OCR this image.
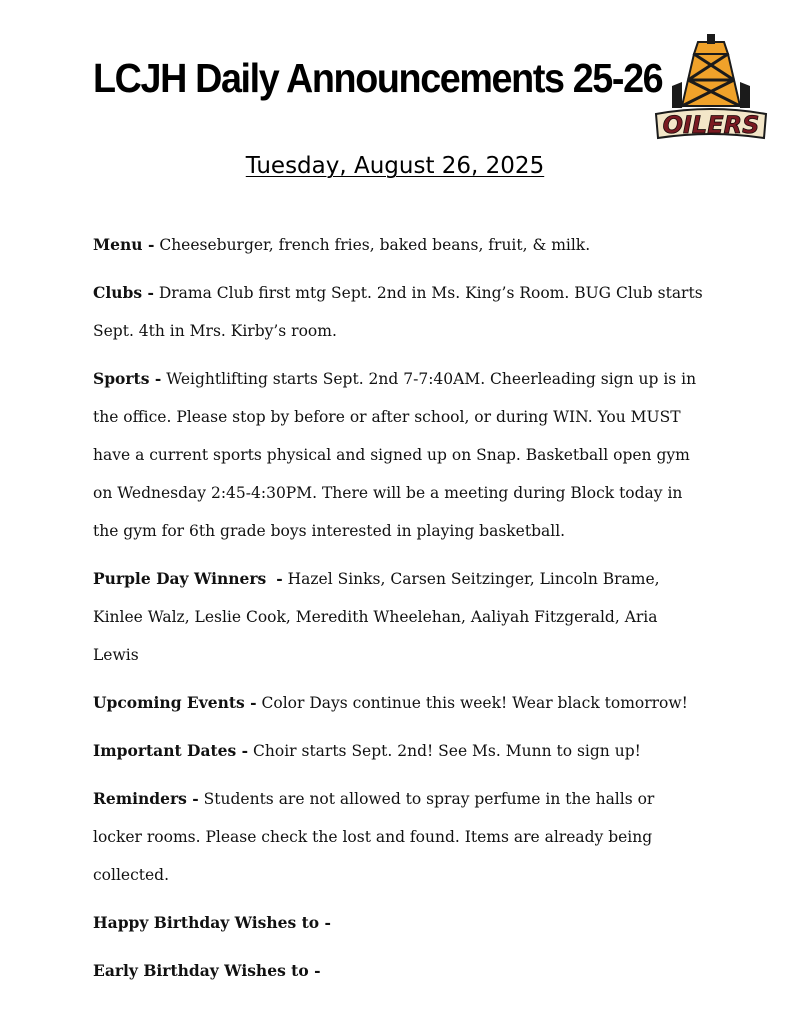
LCJH Daily Announcements 25-26
OILERS
Tuesday, August 26, 2025

Menu - Cheeseburger, french fries, baked beans, fruit, & milk.

Clubs - Drama Club first mtg Sept. 2nd in Ms. King’s Room. BUG Club starts Sept. 4th in Mrs. Kirby’s room.

Sports - Weightlifting starts Sept. 2nd 7-7:40AM. Cheerleading sign up is in the office. Please stop by before or after school, or during WIN. You MUST have a current sports physical and signed up on Snap. Basketball open gym on Wednesday 2:45-4:30PM. There will be a meeting during Block today in the gym for 6th grade boys interested in playing basketball.

Purple Day Winners - Hazel Sinks, Carsen Seitzinger, Lincoln Brame, Kinlee Walz, Leslie Cook, Meredith Wheelehan, Aaliyah Fitzgerald, Aria Lewis

Upcoming Events - Color Days continue this week! Wear black tomorrow!

Important Dates - Choir starts Sept. 2nd! See Ms. Munn to sign up!

Reminders - Students are not allowed to spray perfume in the halls or locker rooms. Please check the lost and found. Items are already being collected.

Happy Birthday Wishes to -

Early Birthday Wishes to -
